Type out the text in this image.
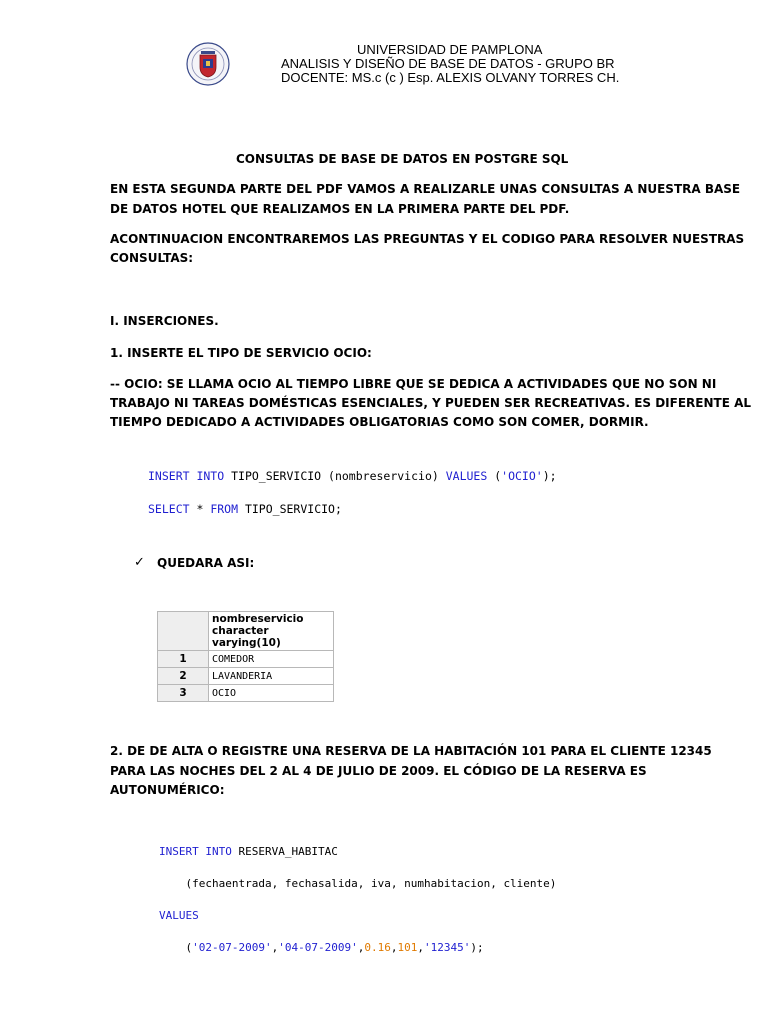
UNIVERSIDAD DE PAMPLONA
ANALISIS Y DISEÑO DE BASE DE DATOS - GRUPO BR
DOCENTE: MS.c (c ) Esp. ALEXIS OLVANY TORRES CH.
CONSULTAS DE BASE DE DATOS EN POSTGRE SQL
EN ESTA SEGUNDA PARTE DEL PDF VAMOS A REALIZARLE UNAS CONSULTAS A NUESTRA BASE
DE DATOS HOTEL QUE REALIZAMOS EN LA PRIMERA PARTE DEL PDF.
ACONTINUACION ENCONTRAREMOS LAS PREGUNTAS Y EL CODIGO PARA RESOLVER NUESTRAS
CONSULTAS:
I. INSERCIONES.
1. INSERTE EL TIPO DE SERVICIO OCIO:
-- OCIO: SE LLAMA OCIO AL TIEMPO LIBRE QUE SE DEDICA A ACTIVIDADES QUE NO SON NI
TRABAJO NI TAREAS DOMÉSTICAS ESENCIALES, Y PUEDEN SER RECREATIVAS. ES DIFERENTE AL
TIEMPO DEDICADO A ACTIVIDADES OBLIGATORIAS COMO SON COMER, DORMIR.
INSERT INTO TIPO_SERVICIO (nombreservicio) VALUES ('OCIO');
SELECT * FROM TIPO_SERVICIO;
✓ QUEDARA ASI:
	nombreservicio
character varying(10)
1	COMEDOR
2	LAVANDERIA
3	OCIO
2. DE DE ALTA O REGISTRE UNA RESERVA DE LA HABITACIÓN 101 PARA EL CLIENTE 12345
PARA LAS NOCHES DEL 2 AL 4 DE JULIO DE 2009. EL CÓDIGO DE LA RESERVA ES
AUTONUMÉRICO:

INSERT INTO RESERVA_HABITAC

(fechaentrada, fechasalida, iva, numhabitacion, cliente)

VALUES

('02-07-2009','04-07-2009',0.16,101,'12345');
